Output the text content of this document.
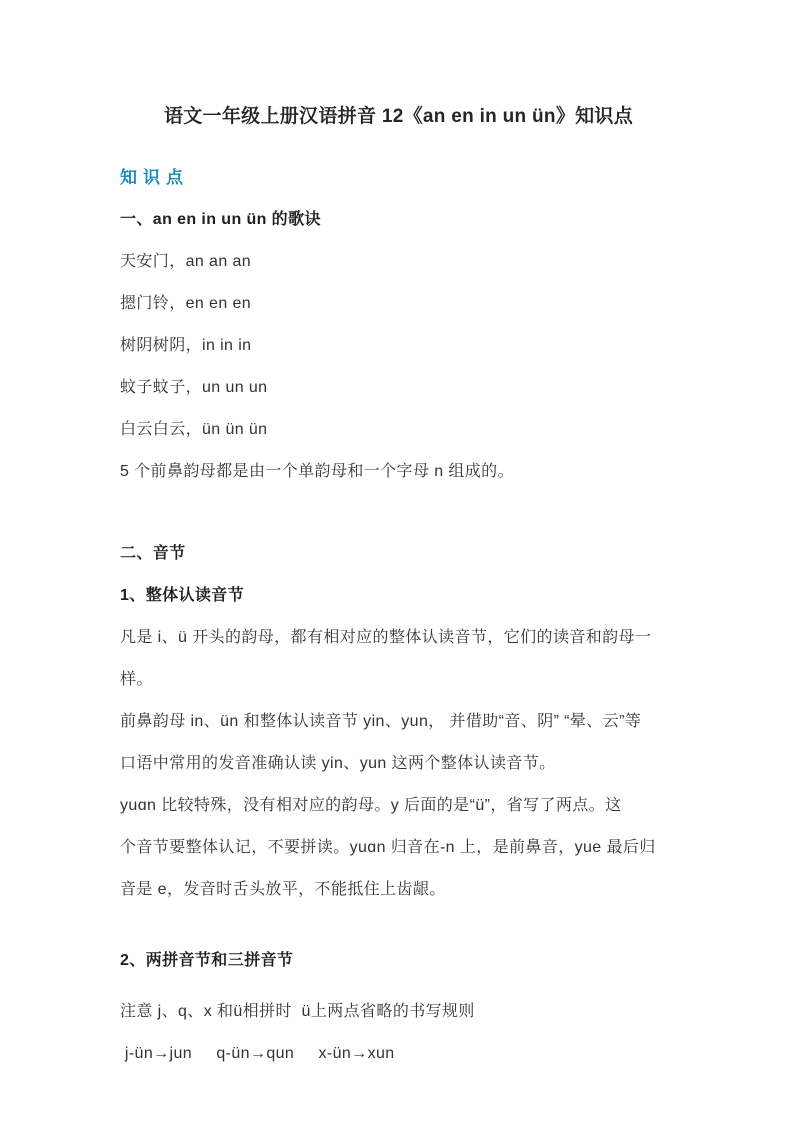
语文一年级上册汉语拼音 12《an en in un ün》知识点
知识点
一、an en in un ün 的歌诀
天安门，an an an
摁门铃，en en en
树阴树阴，in in in
蚊子蚊子，un un un
白云白云，ün ün ün
5 个前鼻韵母都是由一个单韵母和一个字母 n 组成的。
二、音节
1、整体认读音节
凡是 i、ü 开头的韵母，都有相对应的整体认读音节，它们的读音和韵母一样。
前鼻韵母 in、ün 和整体认读音节 yin、yun， 并借助“音、阴” “晕、云”等
口语中常用的发音准确认读 yin、yun 这两个整体认读音节。
yuɑn 比较特殊，没有相对应的韵母。y 后面的是“ü”，省写了两点。这
个音节要整体认记，不要拼读。yuɑn 归音在-n 上，是前鼻音，yue 最后归
音是 e，发音时舌头放平，不能抵住上齿龈。
2、两拼音节和三拼音节
注意 j、q、x 和ü相拼时  ü上两点省略的书写规则
j-ün→jun     q-ün→qun     x-ün→xun
